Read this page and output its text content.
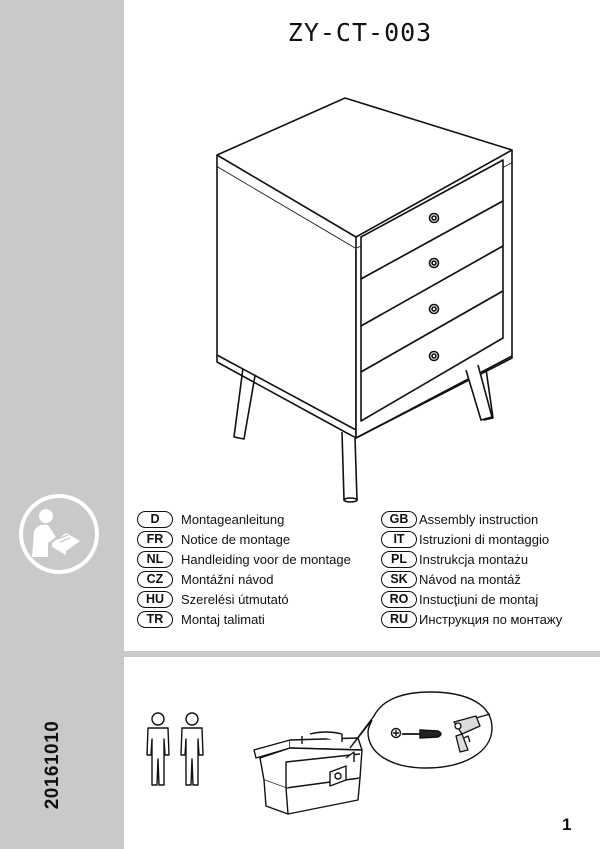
ZY-CT-003
D	Montageanleitung
FR	Notice de montage
NL	Handleiding voor de montage
CZ	Montážní návod
HU	Szerelési útmutató
TR	Montaj talimati
GB Assembly instruction
IT	Istruzioni di montaggio
PL Instrukcja montażu
SK Návod na montáž
RO Instucţiuni de montaj
RU Инструкция по монтажу
20161010
1
